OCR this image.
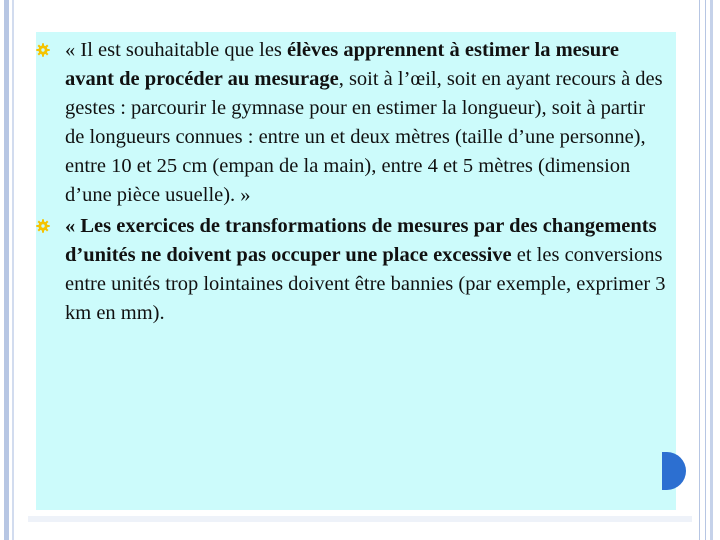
« Il est souhaitable que les élèves apprennent à estimer la mesure avant de procéder au mesurage, soit à l’œil, soit en ayant recours à des gestes : parcourir le gymnase pour en estimer la longueur), soit à partir de longueurs connues : entre un et deux mètres (taille d’une personne), entre 10 et 25 cm (empan de la main), entre 4 et 5 mètres (dimension d’une pièce usuelle). »
« Les exercices de transformations de mesures par des changements d’unités ne doivent pas occuper une place excessive et les conversions entre unités trop lointaines doivent être bannies (par exemple, exprimer 3 km en mm).
